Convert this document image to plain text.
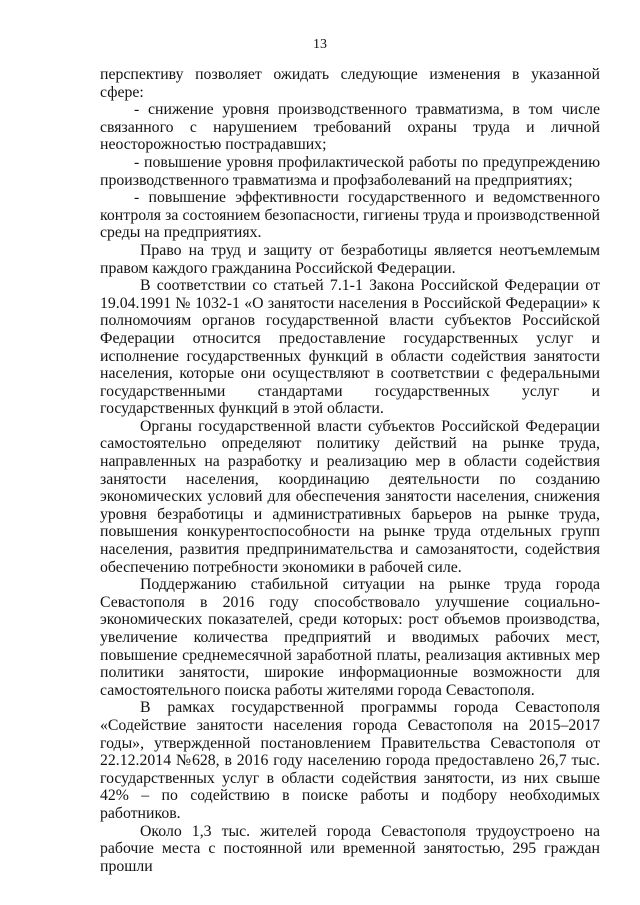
13

перспективу позволяет ожидать следующие изменения в указанной сфере:

- снижение уровня производственного травматизма, в том числе связанного с нарушением требований охраны труда и личной неосторожностью пострадавших;

- повышение уровня профилактической работы по предупреждению производственного травматизма и профзаболеваний на предприятиях;

- повышение эффективности государственного и ведомственного контроля за состоянием безопасности, гигиены труда и производственной среды на предприятиях.

Право на труд и защиту от безработицы является неотъемлемым правом каждого гражданина Российской Федерации.

В соответствии со статьей 7.1-1 Закона Российской Федерации от 19.04.1991 № 1032-1 «О занятости населения в Российской Федерации» к полномочиям органов государственной власти субъектов Российской Федерации относится предоставление государственных услуг и исполнение государственных функций в области содействия занятости населения, которые они осуществляют в соответствии с федеральными государственными стандартами государственных услуг и государственных функций в этой области.

Органы государственной власти субъектов Российской Федерации самостоятельно определяют политику действий на рынке труда, направленных на разработку и реализацию мер в области содействия занятости населения, координацию деятельности по созданию экономических условий для обеспечения занятости населения, снижения уровня безработицы и административных барьеров на рынке труда, повышения конкурентоспособности на рынке труда отдельных групп населения, развития предпринимательства и самозанятости, содействия обеспечению потребности экономики в рабочей силе.

Поддержанию стабильной ситуации на рынке труда города Севастополя в 2016 году способствовало улучшение социально-экономических показателей, среди которых: рост объемов производства, увеличение количества предприятий и вводимых рабочих мест, повышение среднемесячной заработной платы, реализация активных мер политики занятости, широкие информационные возможности для самостоятельного поиска работы жителями города Севастополя.

В рамках государственной программы города Севастополя «Содействие занятости населения города Севастополя на 2015–2017 годы», утвержденной постановлением Правительства Севастополя от 22.12.2014 №628, в 2016 году населению города предоставлено 26,7 тыс. государственных услуг в области содействия занятости, из них свыше 42% – по содействию в поиске работы и подбору необходимых работников.

Около 1,3 тыс. жителей города Севастополя трудоустроено на рабочие места с постоянной или временной занятостью, 295 граждан прошли
